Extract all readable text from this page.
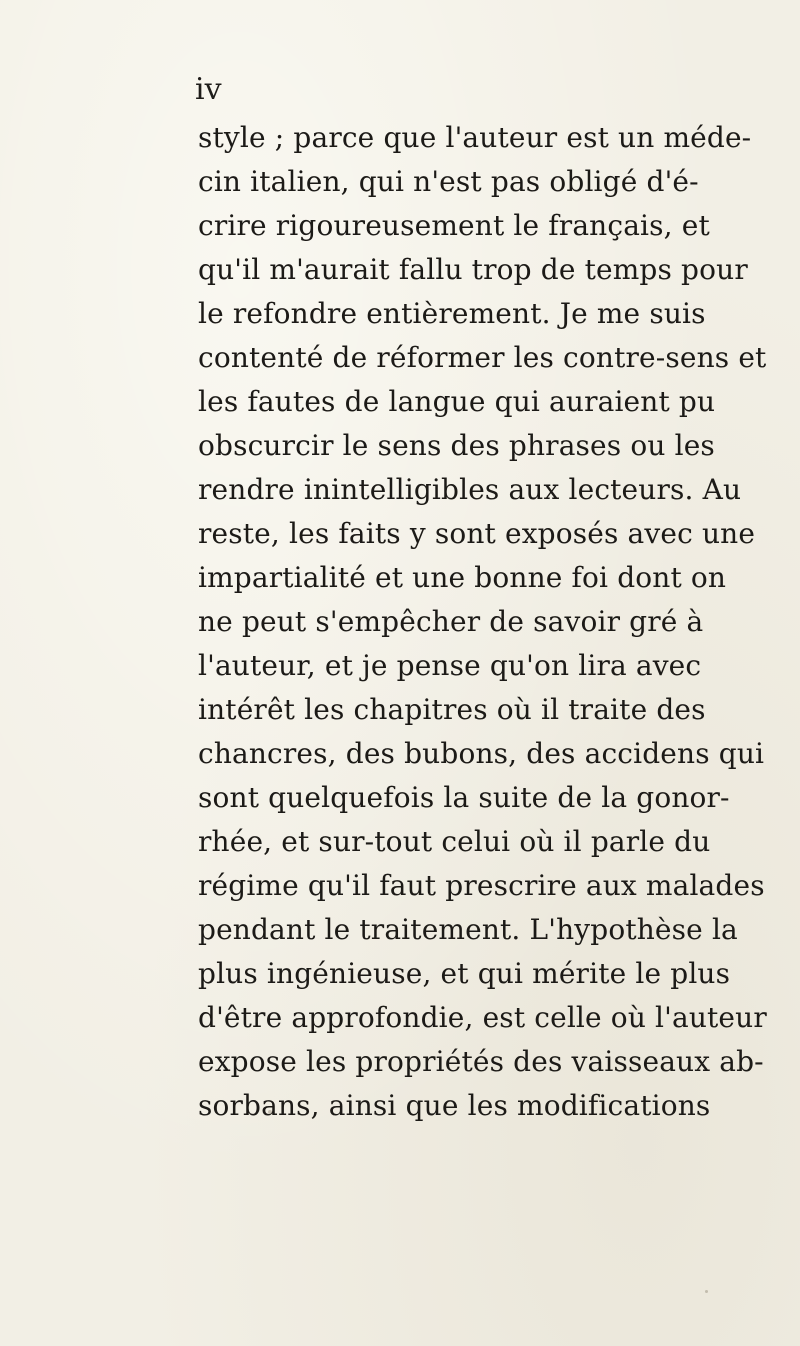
iv

style ; parce que l'auteur est un méde-
cin italien, qui n'est pas obligé d'é-
crire rigoureusement le français, et
qu'il m'aurait fallu trop de temps pour
le refondre entièrement. Je me suis
contenté de réformer les contre-sens et
les fautes de langue qui auraient pu
obscurcir le sens des phrases ou les
rendre inintelligibles aux lecteurs. Au
reste, les faits y sont exposés avec une
impartialité et une bonne foi dont on
ne peut s'empêcher de savoir gré à
l'auteur, et je pense qu'on lira avec
intérêt les chapitres où il traite des
chancres, des bubons, des accidens qui
sont quelquefois la suite de la gonor-
rhée, et sur-tout celui où il parle du
régime qu'il faut prescrire aux malades
pendant le traitement. L'hypothèse la
plus ingénieuse, et qui mérite le plus
d'être approfondie, est celle où l'auteur
expose les propriétés des vaisseaux ab-
sorbans, ainsi que les modifications
